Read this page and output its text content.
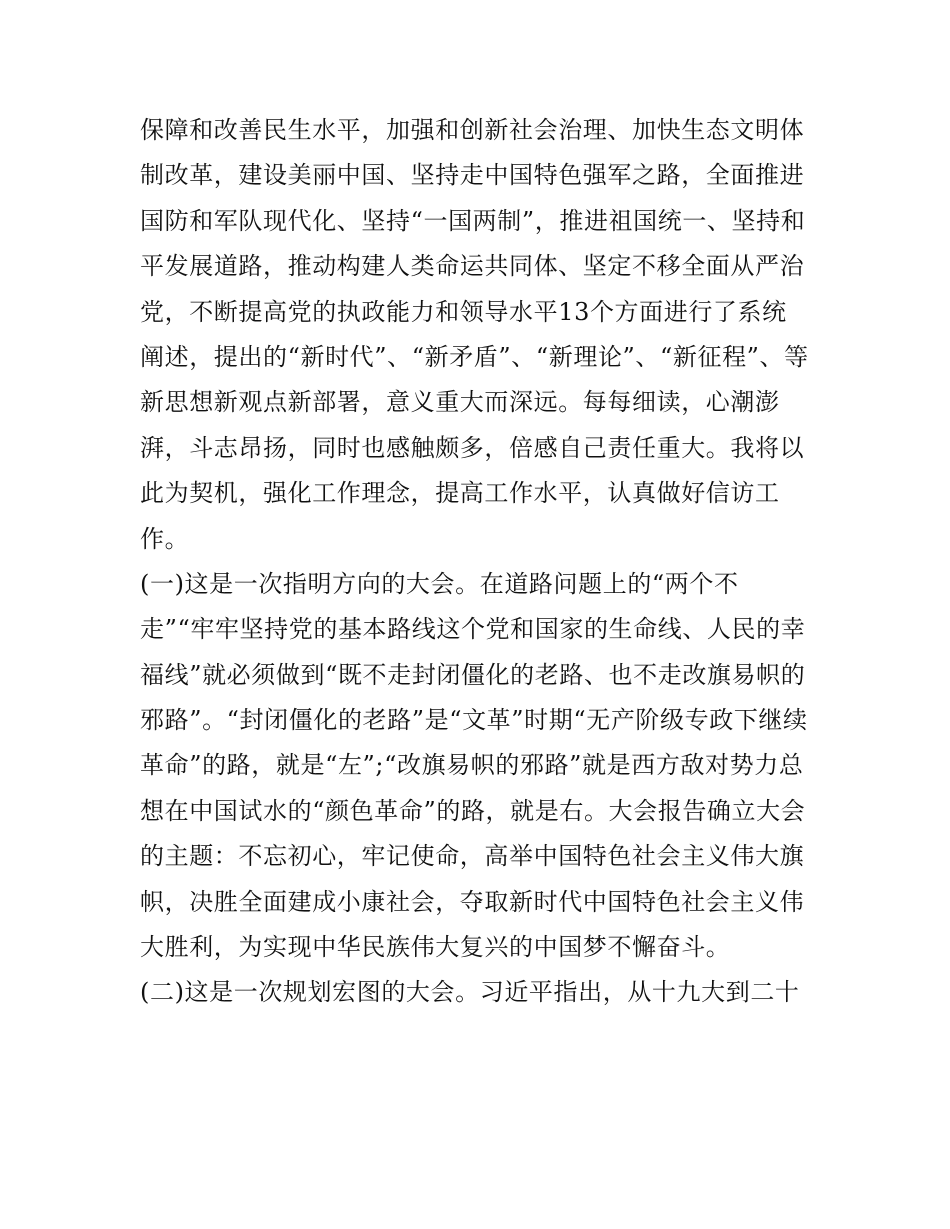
保障和改善民生水平，加强和创新社会治理、加快生态文明体
制改革，建设美丽中国、坚持走中国特色强军之路，全面推进
国防和军队现代化、坚持“一国两制”，推进祖国统一、坚持和
平发展道路，推动构建人类命运共同体、坚定不移全面从严治
党，不断提高党的执政能力和领导水平13个方面进行了系统
阐述，提出的“新时代”、“新矛盾”、“新理论”、“新征程”、等
新思想新观点新部署，意义重大而深远。每每细读，心潮澎
湃，斗志昂扬，同时也感触颇多，倍感自己责任重大。我将以
此为契机，强化工作理念，提高工作水平，认真做好信访工
作。
(一)这是一次指明方向的大会。在道路问题上的“两个不
走”“牢牢坚持党的基本路线这个党和国家的生命线、人民的幸
福线”就必须做到“既不走封闭僵化的老路、也不走改旗易帜的
邪路”。“封闭僵化的老路”是“文革”时期“无产阶级专政下继续
革命”的路，就是“左”;“改旗易帜的邪路”就是西方敌对势力总
想在中国试水的“颜色革命”的路，就是右。大会报告确立大会
的主题：不忘初心，牢记使命，高举中国特色社会主义伟大旗
帜，决胜全面建成小康社会，夺取新时代中国特色社会主义伟
大胜利，为实现中华民族伟大复兴的中国梦不懈奋斗。
(二)这是一次规划宏图的大会。习近平指出，从十九大到二十
